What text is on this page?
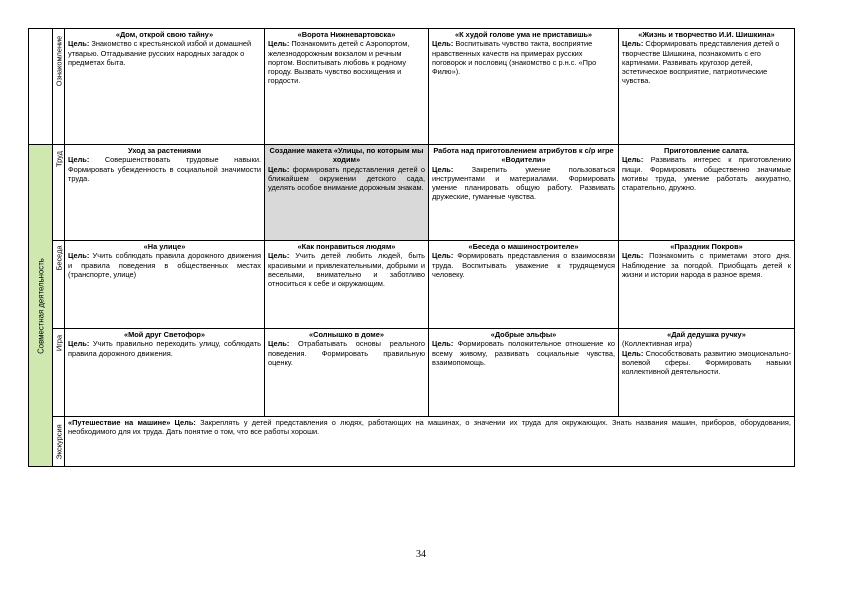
	Ознакомление	«Дом, открой свою тайну»
Цель: Знакомство с крестьянской избой и домашней утварью. Отгадывание русских народных загадок о предметах быта.	«Ворота Нижневартовска»
Цель: Познакомить детей с Аэропортом, железнодорожным вокзалом и речным портом. Воспитывать любовь к родному городу. Вызвать чувство восхищения и гордости.	«К худой голове ума не приставишь»
Цель: Воспитывать чувство такта, восприятие нравственных качеств на примерах русских поговорок и пословиц (знакомство с р.н.с. «Про Филю»).	«Жизнь и творчество И.И. Шишкина»
Цель: Сформировать представления детей о творчестве Шишкина, познакомить с его картинами. Развивать кругозор детей, эстетическое восприятие, патриотические чувства.

Совместная деятельность	Труд	Уход за растениями
Цель: Совершенствовать трудовые навыки. Формировать убежденность в социальной значимости труда.	Создание макета «Улицы, по которым мы ходим»
Цель: формировать представления детей о ближайшем окружении детского сада, уделять особое внимание дорожным знакам.	Работа над приготовлением атрибутов к с/р игре «Водители»
Цель: Закрепить умение пользоваться инструментами и материалами. Формировать умение планировать общую работу. Развивать дружеские, гуманные чувства.	Приготовление салата.
Цель: Развивать интерес к приготовлению пищи. Формировать общественно значимые мотивы труда, умение работать аккуратно, старательно, дружно.

	Беседа	«На улице»
Цель: Учить соблюдать правила дорожного движения и правила поведения в общественных местах (транспорте, улице)	«Как понравиться людям»
Цель: Учить детей любить людей, быть красивыми и привлекательными, добрыми и веселыми, внимательно и заботливо относиться к себе и окружающим.	«Беседа о машиностроителе»
Цель: Формировать представления о взаимосвязи труда. Воспитывать уважение к трудящемуся человеку.	«Праздник Покров»
Цель: Познакомить с приметами этого дня. Наблюдение за погодой. Приобщать детей к жизни и истории народа в разное время.

	Игра	«Мой друг Светофор»
Цель: Учить правильно переходить улицу, соблюдать правила дорожного движения.	«Солнышко в доме»
Цель: Отрабатывать основы реального поведения. Формировать правильную оценку.	«Добрые эльфы»
Цель: Формировать положительное отношение ко всему живому, развивать социальные чувства, взаимопомощь.	«Дай дедушка ручку»
(Коллективная игра)
Цель: Способствовать развитию эмоционально-волевой сферы. Формировать навыки коллективной деятельности.

	Экскурсия	«Путешествие на машине» Цель: Закреплять у детей представления о людях, работающих на машинах, о значении их труда для окружающих. Знать названия машин, приборов, оборудования, необходимого для их труда. Дать понятие о том, что все работы хороши.			
34
